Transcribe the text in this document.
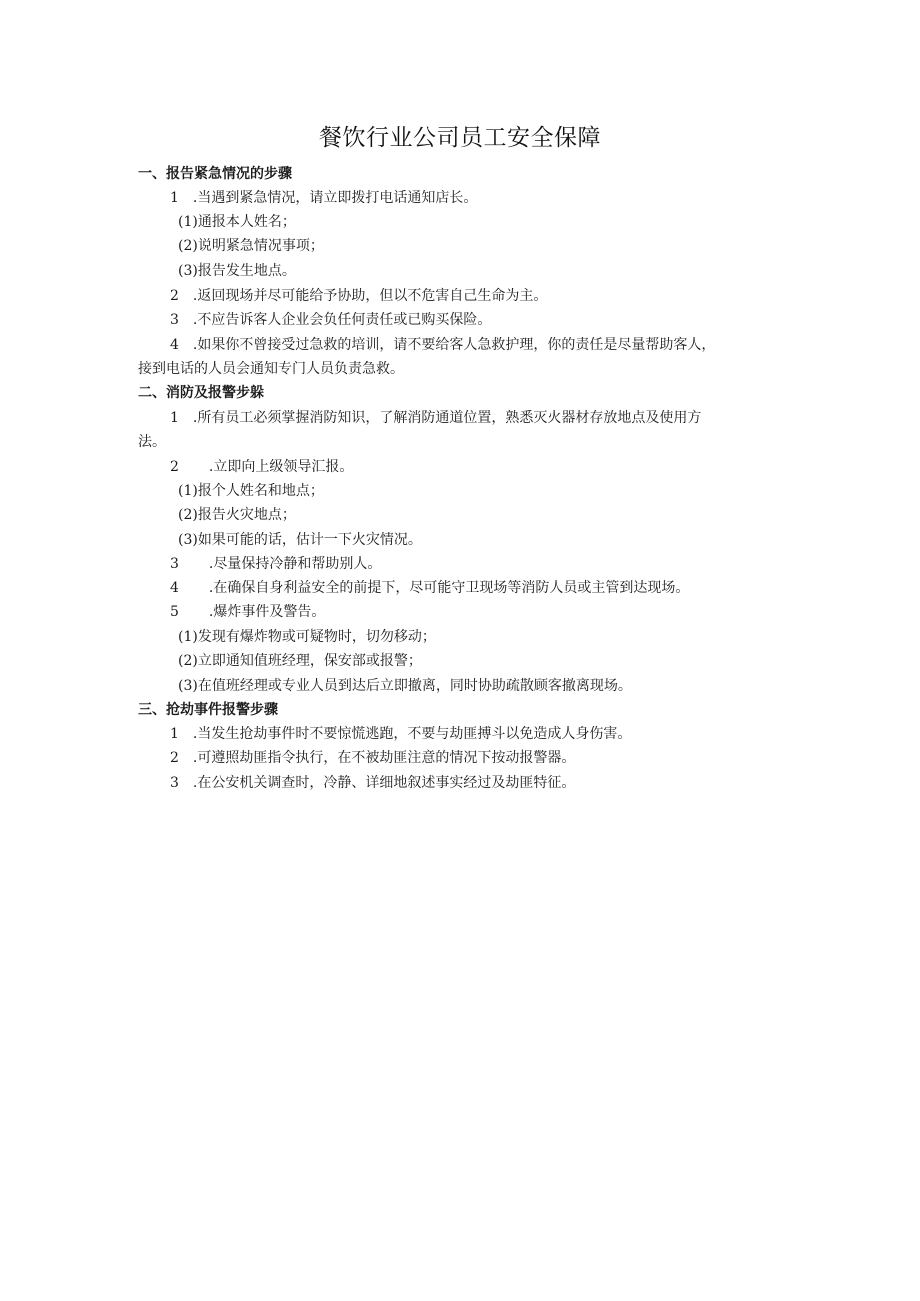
餐饮行业公司员工安全保障
一、报告紧急情况的步骤
1 .当遇到紧急情况，请立即拨打电话通知店长。
(1)通报本人姓名；
(2)说明紧急情况事项；
(3)报告发生地点。
2 .返回现场并尽可能给予协助，但以不危害自己生命为主。
3 .不应告诉客人企业会负任何责任或已购买保险。
4 .如果你不曾接受过急救的培训，请不要给客人急救护理，你的责任是尽量帮助客人，
接到电话的人员会通知专门人员负责急救。
二、消防及报警步躲
1 .所有员工必须掌握消防知识，了解消防通道位置，熟悉灭火器材存放地点及使用方
法。
2 .立即向上级领导汇报。
(1)报个人姓名和地点；
(2)报告火灾地点；
(3)如果可能的话，估计一下火灾情况。
3 .尽量保持冷静和帮助别人。
4 .在确保自身利益安全的前提下，尽可能守卫现场等消防人员或主管到达现场。
5 .爆炸事件及警告。
(1)发现有爆炸物或可疑物时，切勿移动；
(2)立即通知值班经理，保安部或报警；
(3)在值班经理或专业人员到达后立即撤离，同时协助疏散顾客撤离现场。
三、抢劫事件报警步骤
1 .当发生抢劫事件时不要惊慌逃跑，不要与劫匪搏斗以免造成人身伤害。
2 .可遵照劫匪指令执行，在不被劫匪注意的情况下按动报警器。
3 .在公安机关调查时，冷静、详细地叙述事实经过及劫匪特征。
